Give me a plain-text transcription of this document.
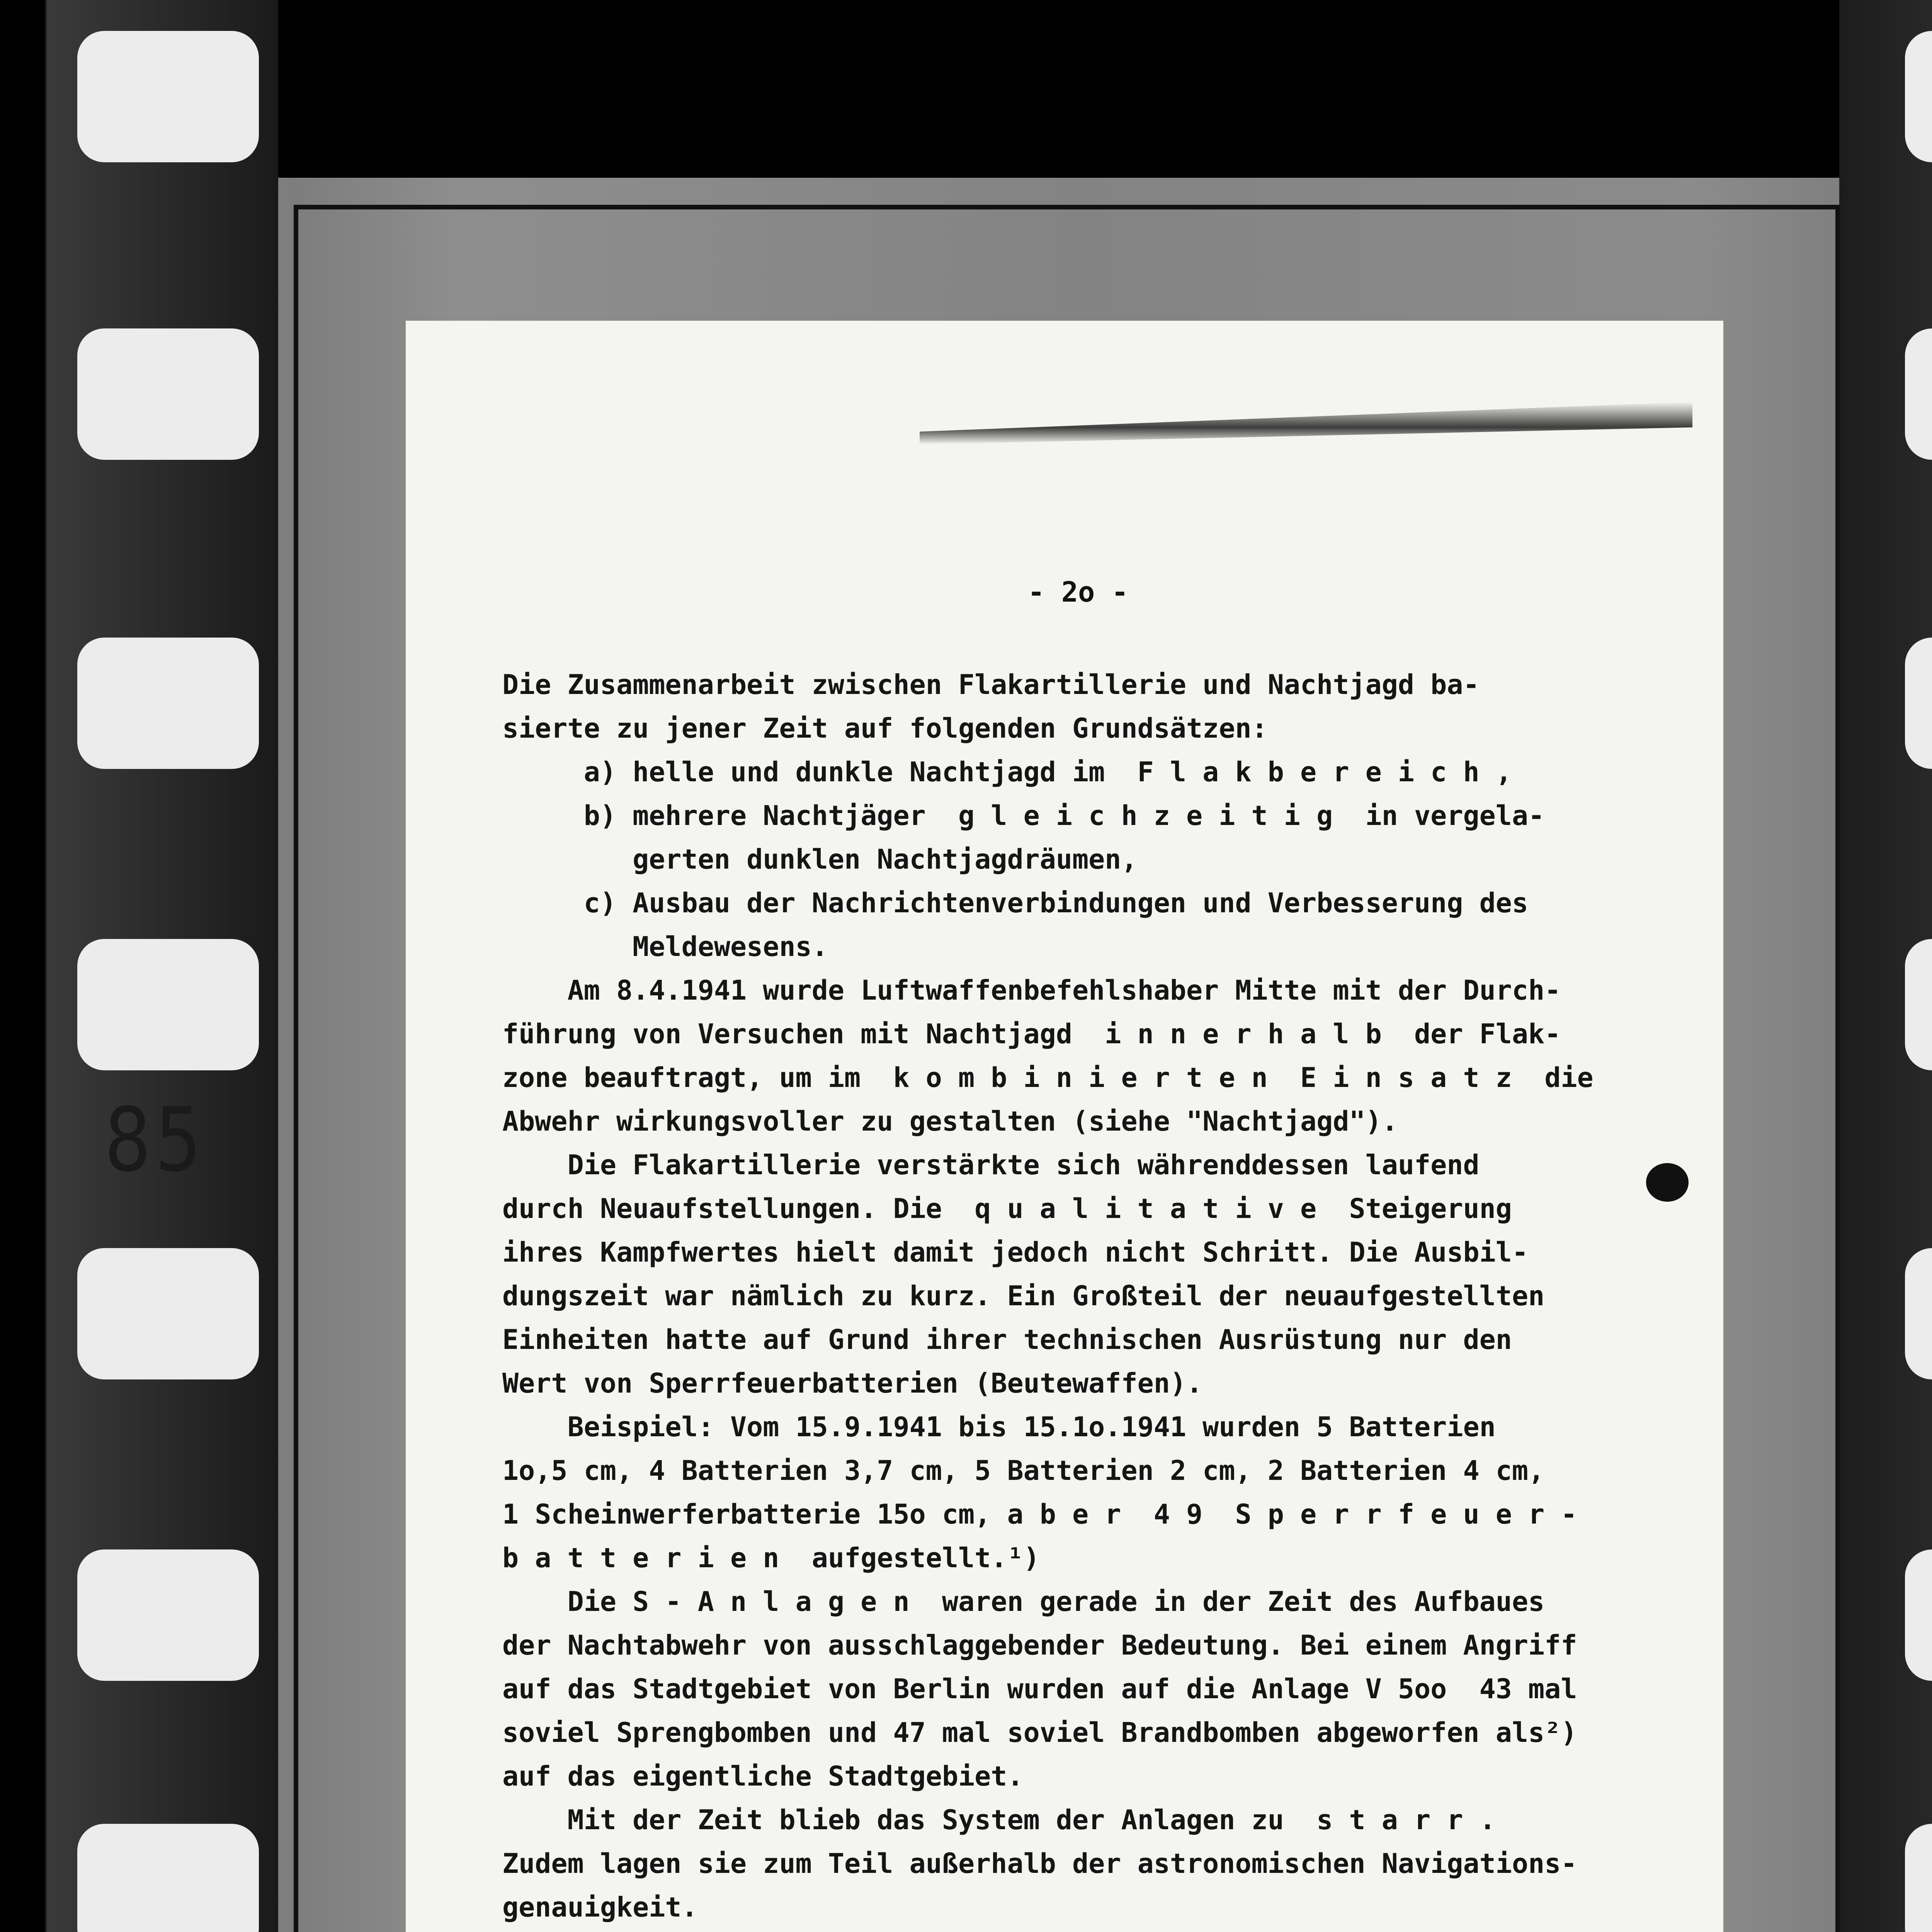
85
- 2o -
Die Zusammenarbeit zwischen Flakartillerie und Nachtjagd ba-
sierte zu jener Zeit auf folgenden Grundsätzen:
a) helle und dunkle Nachtjagd im  F l a k b e r e i c h ,
b) mehrere Nachtjäger  g l e i c h z e i t i g  in vergela-
gerten dunklen Nachtjagdräumen,
c) Ausbau der Nachrichtenverbindungen und Verbesserung des
Meldewesens.
Am 8.4.1941 wurde Luftwaffenbefehlshaber Mitte mit der Durch-
führung von Versuchen mit Nachtjagd  i n n e r h a l b  der Flak-
zone beauftragt, um im  k o m b i n i e r t e n  E i n s a t z  die
Abwehr wirkungsvoller zu gestalten (siehe "Nachtjagd").
Die Flakartillerie verstärkte sich währenddessen laufend
durch Neuaufstellungen. Die  q u a l i t a t i v e  Steigerung
ihres Kampfwertes hielt damit jedoch nicht Schritt. Die Ausbil-
dungszeit war nämlich zu kurz. Ein Großteil der neuaufgestellten
Einheiten hatte auf Grund ihrer technischen Ausrüstung nur den
Wert von Sperrfeuerbatterien (Beutewaffen).
Beispiel: Vom 15.9.1941 bis 15.1o.1941 wurden 5 Batterien
1o,5 cm, 4 Batterien 3,7 cm, 5 Batterien 2 cm, 2 Batterien 4 cm,
1 Scheinwerferbatterie 15o cm, a b e r  4 9  S p e r r f e u e r -
b a t t e r i e n  aufgestellt.¹)
Die S - A n l a g e n  waren gerade in der Zeit des Aufbaues
der Nachtabwehr von ausschlaggebender Bedeutung. Bei einem Angriff
auf das Stadtgebiet von Berlin wurden auf die Anlage V 5oo  43 mal
soviel Sprengbomben und 47 mal soviel Brandbomben abgeworfen als²)
auf das eigentliche Stadtgebiet.
Mit der Zeit blieb das System der Anlagen zu  s t a r r .
Zudem lagen sie zum Teil außerhalb der astronomischen Navigations-
genauigkeit.
